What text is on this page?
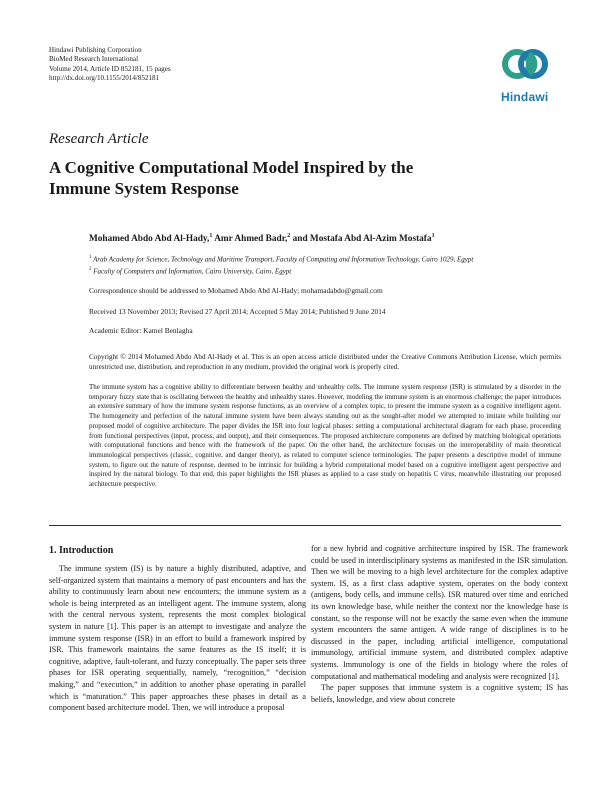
Hindawi Publishing Corporation
BioMed Research International
Volume 2014, Article ID 852181, 15 pages
http://dx.doi.org/10.1155/2014/852181
Hindawi
Research Article
A Cognitive Computational Model Inspired by the Immune System Response
Mohamed Abdo Abd Al-Hady,$^1$ Amr Ahmed Badr,$^2$ and Mostafa Abd Al-Azim Mostafa$^1$
$^1$ Arab Academy for Science, Technology and Maritime Transport, Faculty of Computing and Information Technology, Cairo 1029, Egypt
$^2$ Faculty of Computers and Information, Cairo University, Cairo, Egypt
Correspondence should be addressed to Mohamed Abdo Abd Al-Hady; mohamadabdo@gmail.com
Received 13 November 2013; Revised 27 April 2014; Accepted 5 May 2014; Published 9 June 2014
Academic Editor: Kamel Benlagha
Copyright © 2014 Mohamed Abdo Abd Al-Hady et al. This is an open access article distributed under the Creative Commons Attribution License, which permits unrestricted use, distribution, and reproduction in any medium, provided the original work is properly cited.
The immune system has a cognitive ability to differentiate between healthy and unhealthy cells. The immune system response (ISR) is stimulated by a disorder in the temporary fuzzy state that is oscillating between the healthy and unhealthy states. However, modeling the immune system is an enormous challenge; the paper introduces an extensive summary of how the immune system response functions, as an overview of a complex topic, to present the immune system as a cognitive intelligent agent. The homogeneity and perfection of the natural immune system have been always standing out as the sought-after model we attempted to imitate while building our proposed model of cognitive architecture. The paper divides the ISR into four logical phases: setting a computational architectural diagram for each phase, proceeding from functional perspectives (input, process, and output), and their consequences. The proposed architecture components are defined by matching biological operations with computational functions and hence with the framework of the paper. On the other hand, the architecture focuses on the interoperability of main theoretical immunological perspectives (classic, cognitive, and danger theory), as related to computer science terminologies. The paper presents a descriptive model of immune system, to figure out the nature of response, deemed to be intrinsic for building a hybrid computational model based on a cognitive intelligent agent perspective and inspired by the natural biology. To that end, this paper highlights the ISR phases as applied to a case study on hepatitis C virus, meanwhile illustrating our proposed architecture perspective.
1. Introduction

The immune system (IS) is by nature a highly distributed, adaptive, and self-organized system that maintains a memory of past encounters and has the ability to continuously learn about new encounters; the immune system as a whole is being interpreted as an intelligent agent. The immune system, along with the central nervous system, represents the most complex biological system in nature [1]. This paper is an attempt to investigate and analyze the immune system response (ISR) in an effort to build a framework inspired by ISR. This framework maintains the same features as the IS itself; it is cognitive, adaptive, fault-tolerant, and fuzzy conceptually. The paper sets three phases for ISR operating sequentially, namely, “recognition,” “decision making,” and “execution,” in addition to another phase operating in parallel which is “maturation.” This paper approaches these phases in detail as a component based architecture model. Then, we will introduce a proposal

for a new hybrid and cognitive architecture inspired by ISR. The framework could be used in interdisciplinary systems as manifested in the ISR simulation. Then we will be moving to a high level architecture for the complex adaptive system. IS, as a first class adaptive system, operates on the body context (antigens, body cells, and immune cells). ISR matured over time and enriched its own knowledge base, while neither the context nor the knowledge base is constant, so the response will not be exactly the same even when the immune system encounters the same antigen. A wide range of disciplines is to be discussed in the paper, including artificial intelligence, computational immunology, artificial immune system, and distributed complex adaptive systems. Immunology is one of the fields in biology where the roles of computational and mathematical modeling and analysis were recognized [1].

The paper supposes that immune system is a cognitive system; IS has beliefs, knowledge, and view about concrete
